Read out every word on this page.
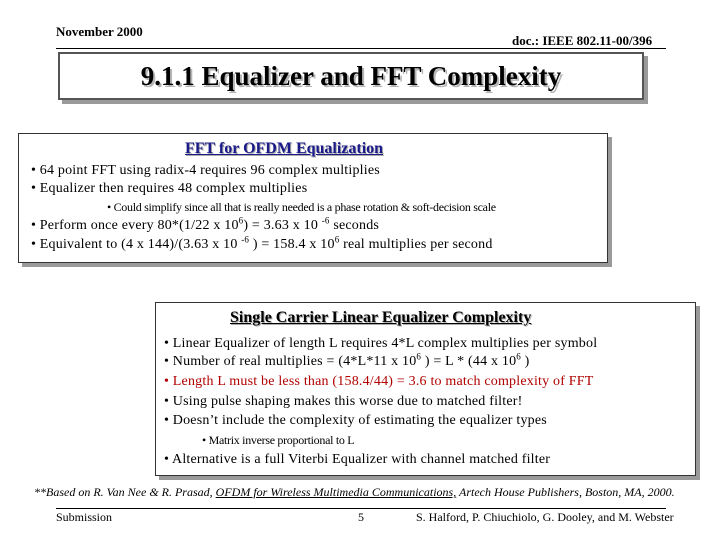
November 2000
doc.: IEEE 802.11-00/396
9.1.1 Equalizer and FFT Complexity
FFT for OFDM Equalization
• 64 point FFT using radix-4 requires 96 complex multiplies
• Equalizer then requires 48 complex multiplies
• Could simplify since all that is really needed is a phase rotation & soft-decision scale
• Perform once every 80*(1/22 x $10^6) = 3.63$ x 10 $^{-6}$ seconds
• Equivalent to (4 x 144)/(3.63 x 10 $^{-6}$ ) = 158.4 x $10^6$ real multiplies per second
Single Carrier Linear Equalizer Complexity
• Linear Equalizer of length L requires 4*L complex multiplies per symbol
• Number of real multiplies = (4*L*11 x $10^6$ ) = L * (44 x $10^6$ )
• Length L must be less than (158.4/44) = 3.6 to match complexity of FFT
• Using pulse shaping makes this worse due to matched filter!
• Doesn’t include the complexity of estimating the equalizer types
• Matrix inverse proportional to L
• Alternative is a full Viterbi Equalizer with channel matched filter
**Based on R. Van Nee & R. Prasad, OFDM for Wireless Multimedia Communications, Artech House Publishers, Boston, MA, 2000.
Submission	5	S. Halford, P. Chiuchiolo, G. Dooley, and M. Webster
